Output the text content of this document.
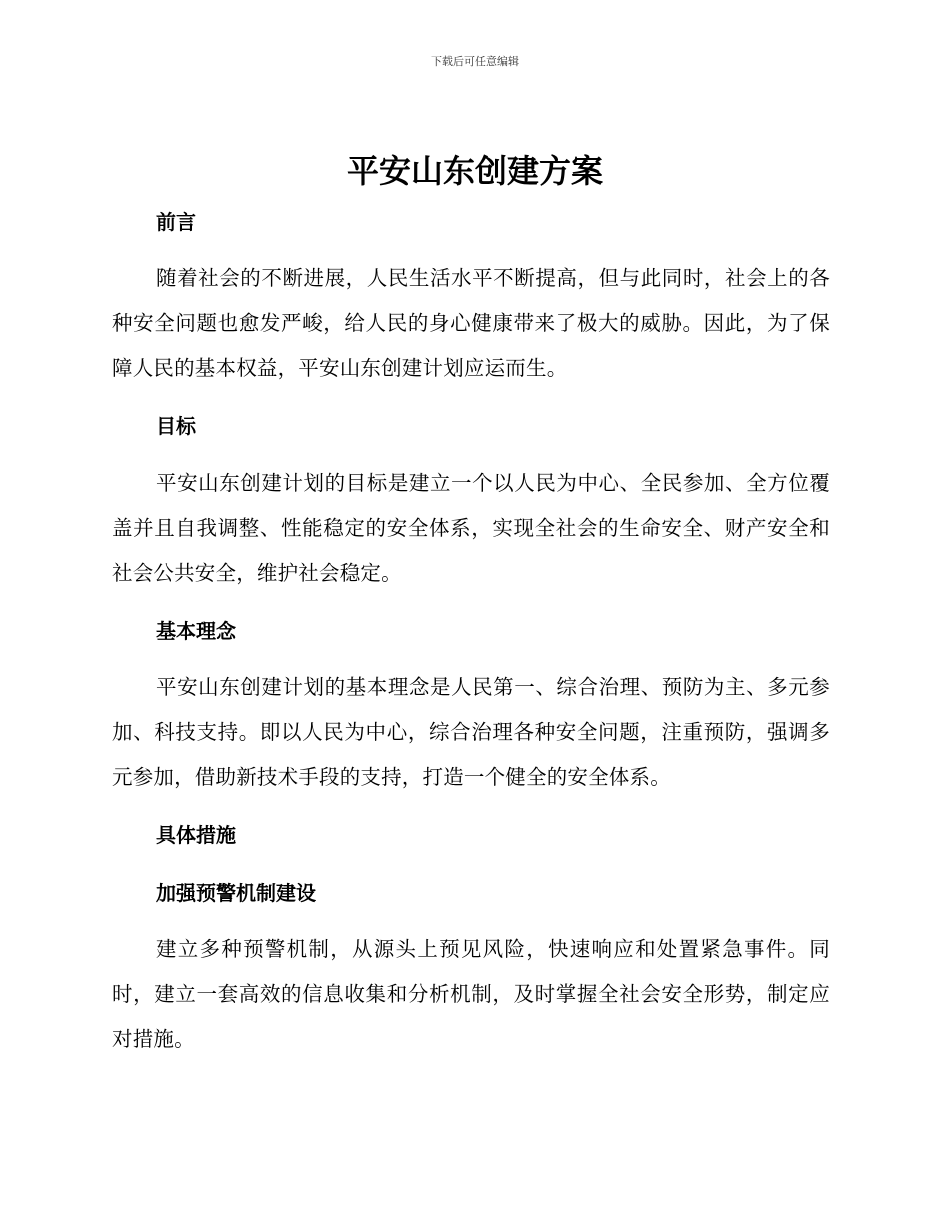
下载后可任意编辑
平安山东创建方案
前言

随着社会的不断进展，人民生活水平不断提高，但与此同时，社会上的各种安全问题也愈发严峻，给人民的身心健康带来了极大的威胁。因此，为了保障人民的基本权益，平安山东创建计划应运而生。

目标

平安山东创建计划的目标是建立一个以人民为中心、全民参加、全方位覆盖并且自我调整、性能稳定的安全体系，实现全社会的生命安全、财产安全和社会公共安全，维护社会稳定。

基本理念

平安山东创建计划的基本理念是人民第一、综合治理、预防为主、多元参加、科技支持。即以人民为中心，综合治理各种安全问题，注重预防，强调多元参加，借助新技术手段的支持，打造一个健全的安全体系。

具体措施
加强预警机制建设

建立多种预警机制，从源头上预见风险，快速响应和处置紧急事件。同时，建立一套高效的信息收集和分析机制，及时掌握全社会安全形势，制定应对措施。
